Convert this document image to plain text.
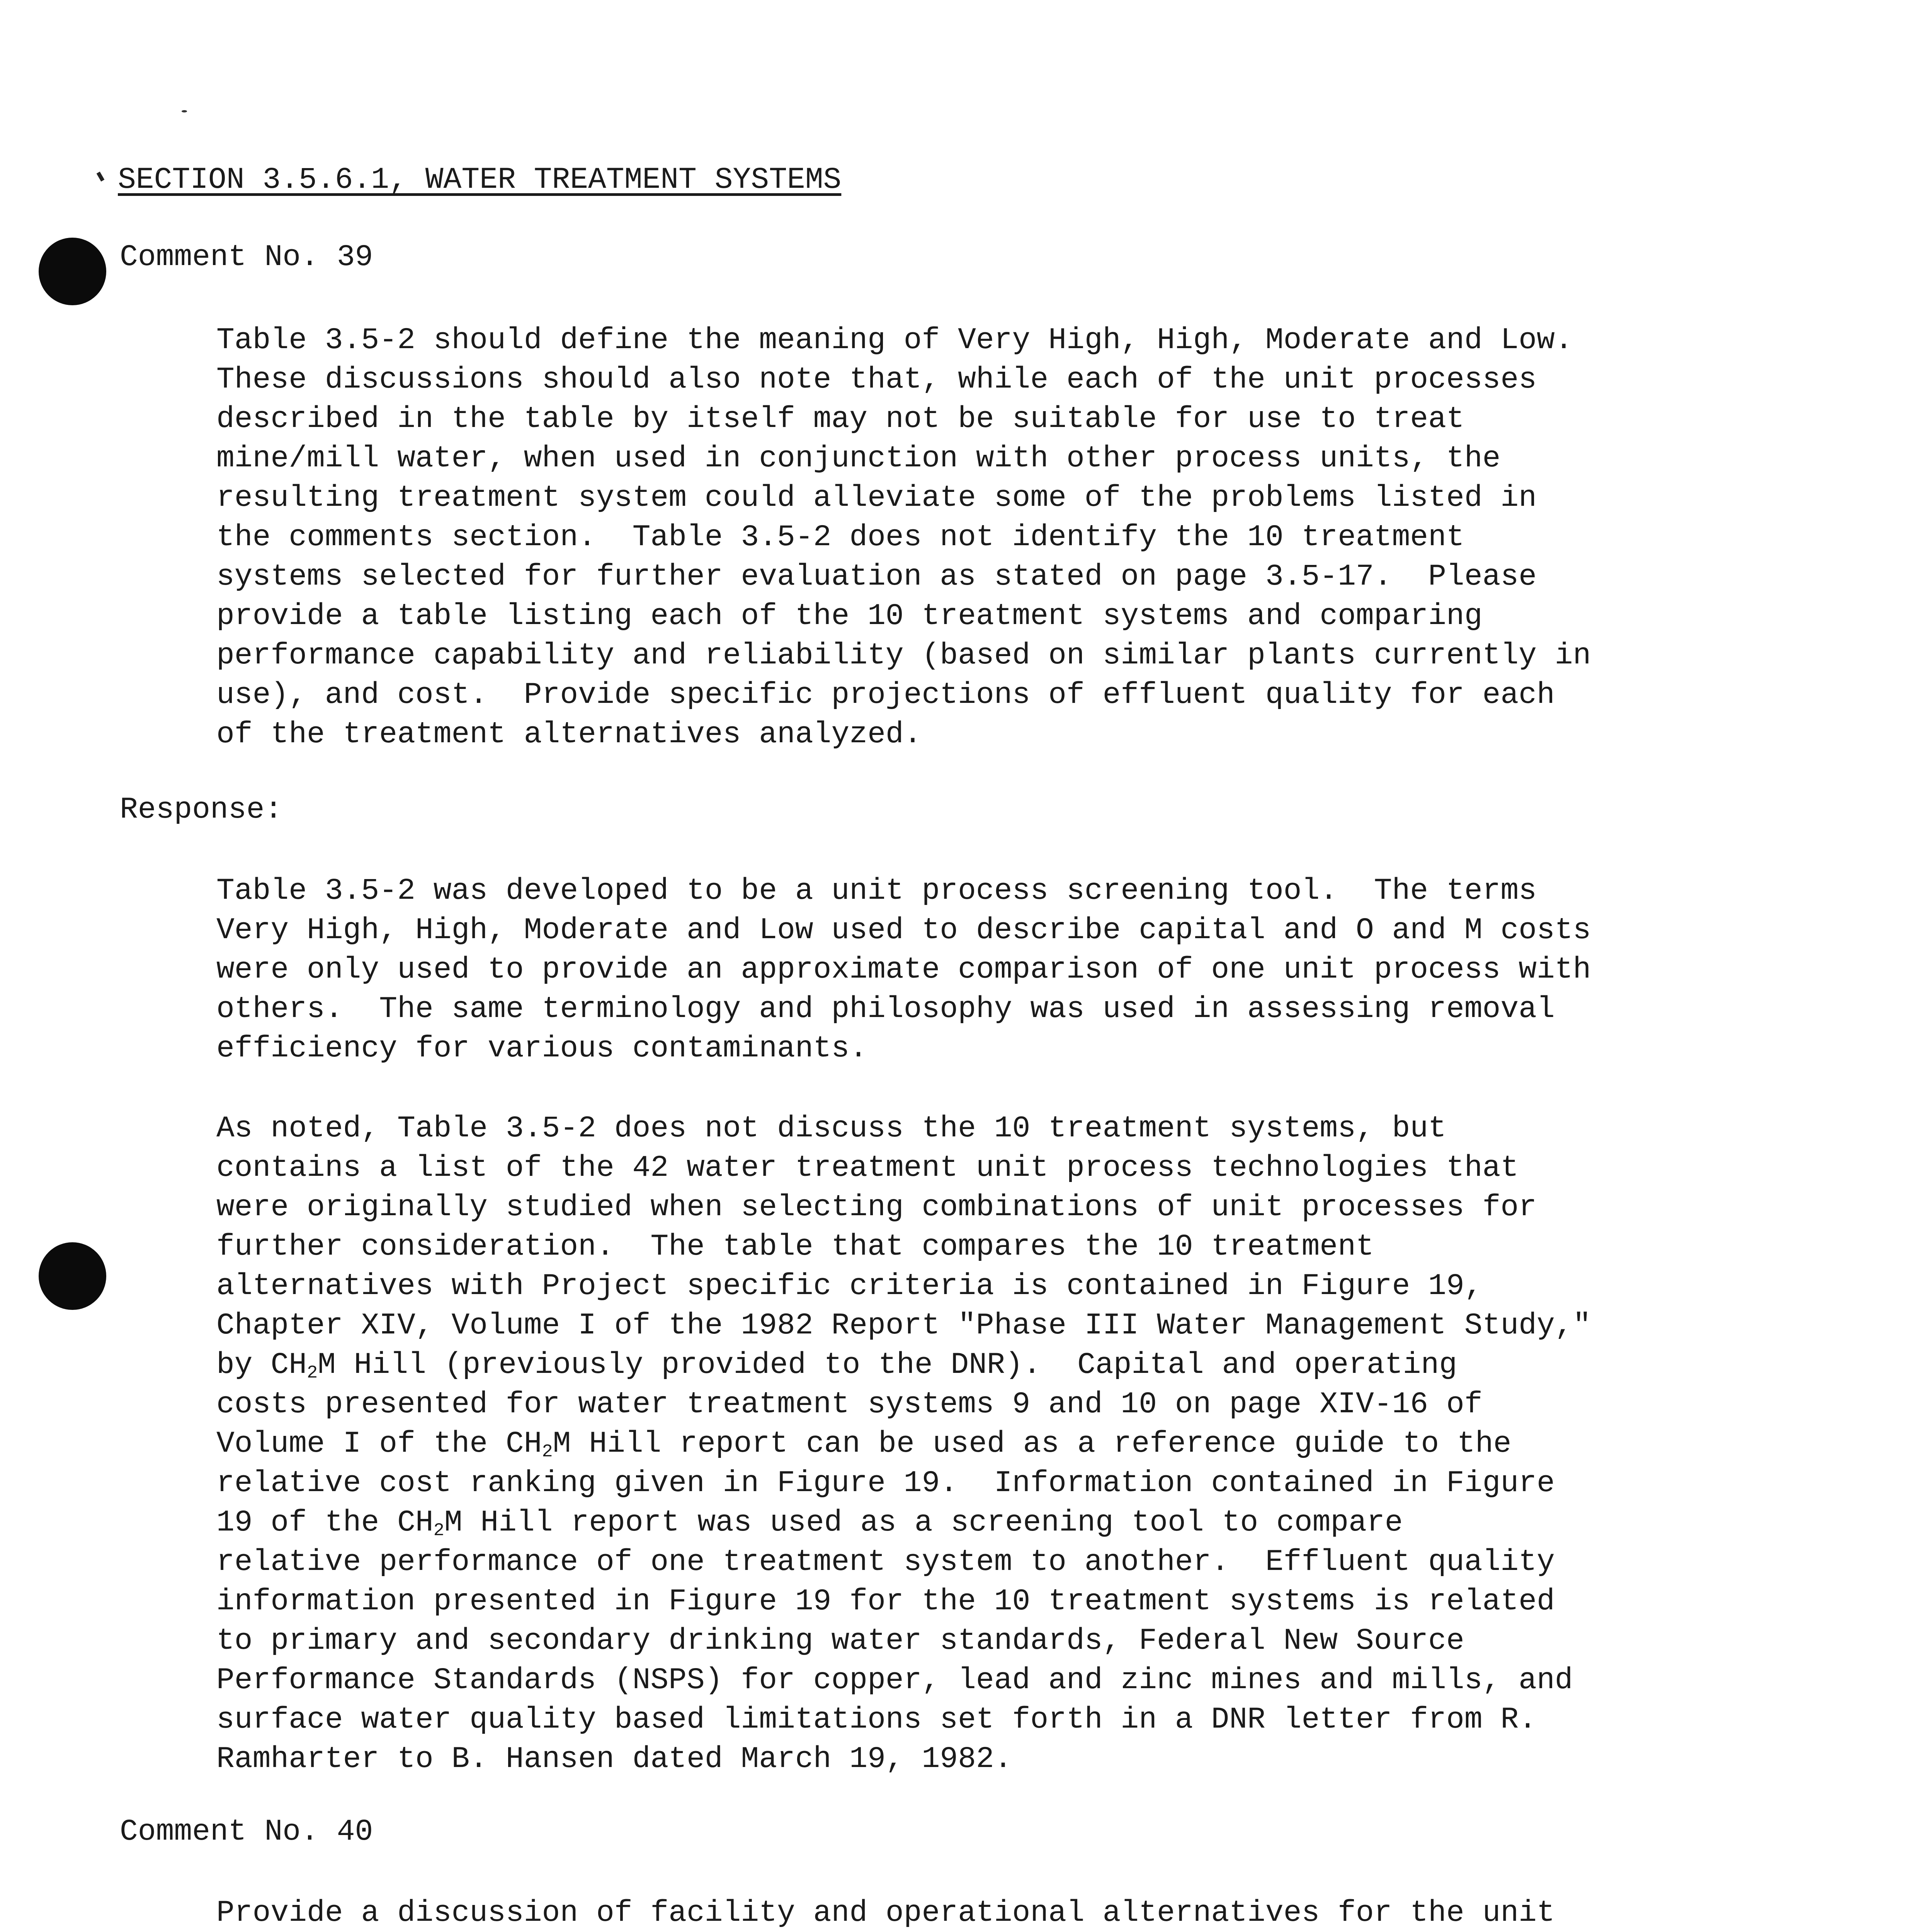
SECTION 3.5.6.1, WATER TREATMENT SYSTEMS
Comment No. 39
Table 3.5-2 should define the meaning of Very High, High, Moderate and Low.
These discussions should also note that, while each of the unit processes
described in the table by itself may not be suitable for use to treat
mine/mill water, when used in conjunction with other process units, the
resulting treatment system could alleviate some of the problems listed in
the comments section.  Table 3.5-2 does not identify the 10 treatment
systems selected for further evaluation as stated on page 3.5-17.  Please
provide a table listing each of the 10 treatment systems and comparing
performance capability and reliability (based on similar plants currently in
use), and cost.  Provide specific projections of effluent quality for each
of the treatment alternatives analyzed.
Response:
Table 3.5-2 was developed to be a unit process screening tool.  The terms
Very High, High, Moderate and Low used to describe capital and O and M costs
were only used to provide an approximate comparison of one unit process with
others.  The same terminology and philosophy was used in assessing removal
efficiency for various contaminants.
As noted, Table 3.5-2 does not discuss the 10 treatment systems, but
contains a list of the 42 water treatment unit process technologies that
were originally studied when selecting combinations of unit processes for
further consideration.  The table that compares the 10 treatment
alternatives with Project specific criteria is contained in Figure 19,
Chapter XIV, Volume I of the 1982 Report "Phase III Water Management Study,"
by $CH_2M$ Hill (previously provided to the DNR).  Capital and operating
costs presented for water treatment systems 9 and 10 on page XIV-16 of
Volume I of the $CH_2M$ Hill report can be used as a reference guide to the
relative cost ranking given in Figure 19.  Information contained in Figure
19 of the $CH_2M$ Hill report was used as a screening tool to compare
relative performance of one treatment system to another.  Effluent quality
information presented in Figure 19 for the 10 treatment systems is related
to primary and secondary drinking water standards, Federal New Source
Performance Standards (NSPS) for copper, lead and zinc mines and mills, and
surface water quality based limitations set forth in a DNR letter from R.
Ramharter to B. Hansen dated March 19, 1982.
Comment No. 40
Provide a discussion of facility and operational alternatives for the unit
